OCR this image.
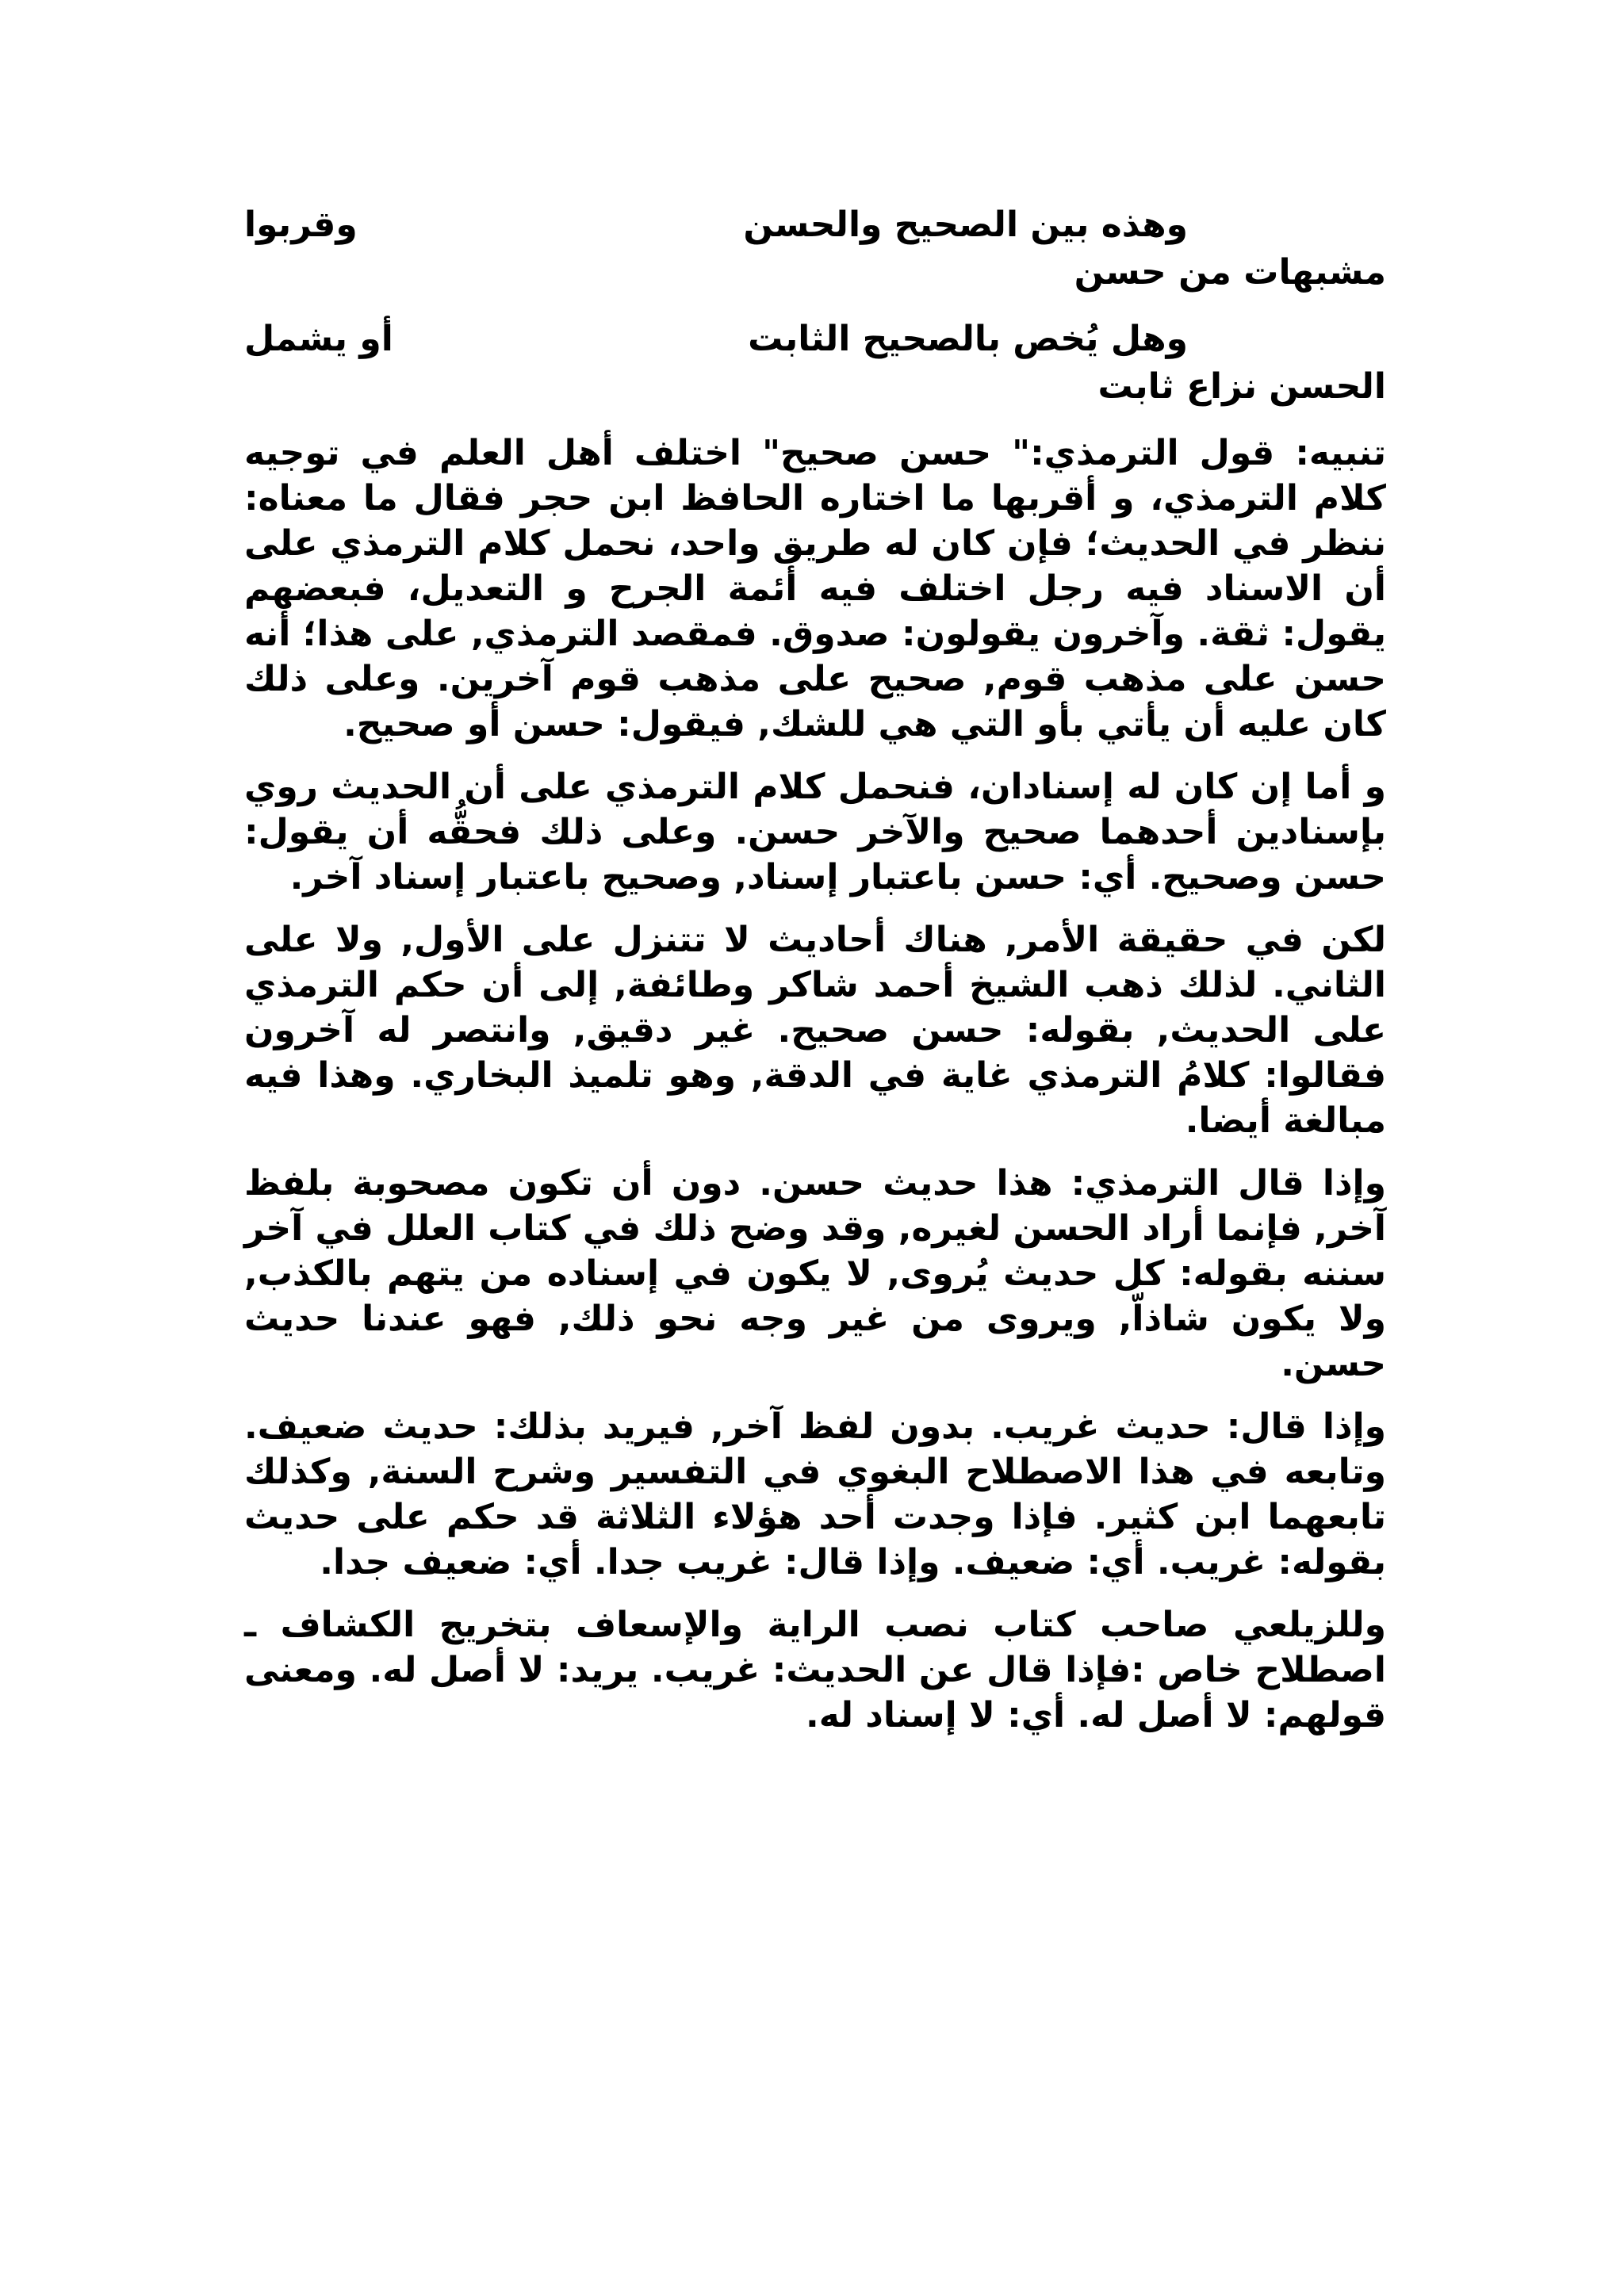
وهذه بين الصحيح والحسن
وقربوا
مشبهات من حسن
وهل يُخص بالصحيح الثابت
أو يشمل
الحسن نزاع ثابت

تنبيه: قول الترمذي:" حسن صحيح" اختلف أهل العلم في توجيه كلام الترمذي، و أقربها ما اختاره الحافظ ابن حجر فقال ما معناه: ننظر في الحديث؛ فإن كان له طريق واحد، نحمل كلام الترمذي على أن الاسناد فيه رجل اختلف فيه أئمة الجرح و التعديل، فبعضهم يقول: ثقة. وآخرون يقولون: صدوق. فمقصد الترمذي, على هذا؛ أنه حسن على مذهب قوم, صحيح على مذهب قوم آخرين. وعلى ذلك كان عليه أن يأتي بأو التي هي للشك, فيقول: حسن أو صحيح.

و أما إن كان له إسنادان، فنحمل كلام الترمذي على أن الحديث روي بإسنادين أحدهما صحيح والآخر حسن. وعلى ذلك فحقُّه أن يقول: حسن وصحيح. أي: حسن باعتبار إسناد, وصحيح باعتبار إسناد آخر.

لكن في حقيقة الأمر, هناك أحاديث لا تتنزل على الأول, ولا على الثاني. لذلك ذهب الشيخ أحمد شاكر وطائفة, إلى أن حكم الترمذي على الحديث, بقوله: حسن صحيح. غير دقيق, وانتصر له آخرون فقالوا: كلامُ الترمذي غاية في الدقة, وهو تلميذ البخاري. وهذا فيه مبالغة أيضا.

وإذا قال الترمذي: هذا حديث حسن. دون أن تكون مصحوبة بلفظ آخر, فإنما أراد الحسن لغيره, وقد وضح ذلك في كتاب العلل في آخر سننه بقوله: كل حديث يُروى, لا يكون في إسناده من يتهم بالكذب, ولا يكون شاذاّ, ويروى من غير وجه نحو ذلك, فهو عندنا حديث حسن.

وإذا قال: حديث غريب. بدون لفظ آخر, فيريد بذلك: حديث ضعيف. وتابعه في هذا الاصطلاح البغوي في التفسير وشرح السنة, وكذلك تابعهما ابن كثير. فإذا وجدت أحد هؤلاء الثلاثة قد حكم على حديث بقوله: غريب. أي: ضعيف. وإذا قال: غريب جدا. أي: ضعيف جدا.

وللزيلعي صاحب كتاب نصب الراية والإسعاف بتخريج الكشاف ـ اصطلاح خاص :فإذا قال عن الحديث: غريب. يريد: لا أصل له. ومعنى قولهم: لا أصل له. أي: لا إسناد له.
